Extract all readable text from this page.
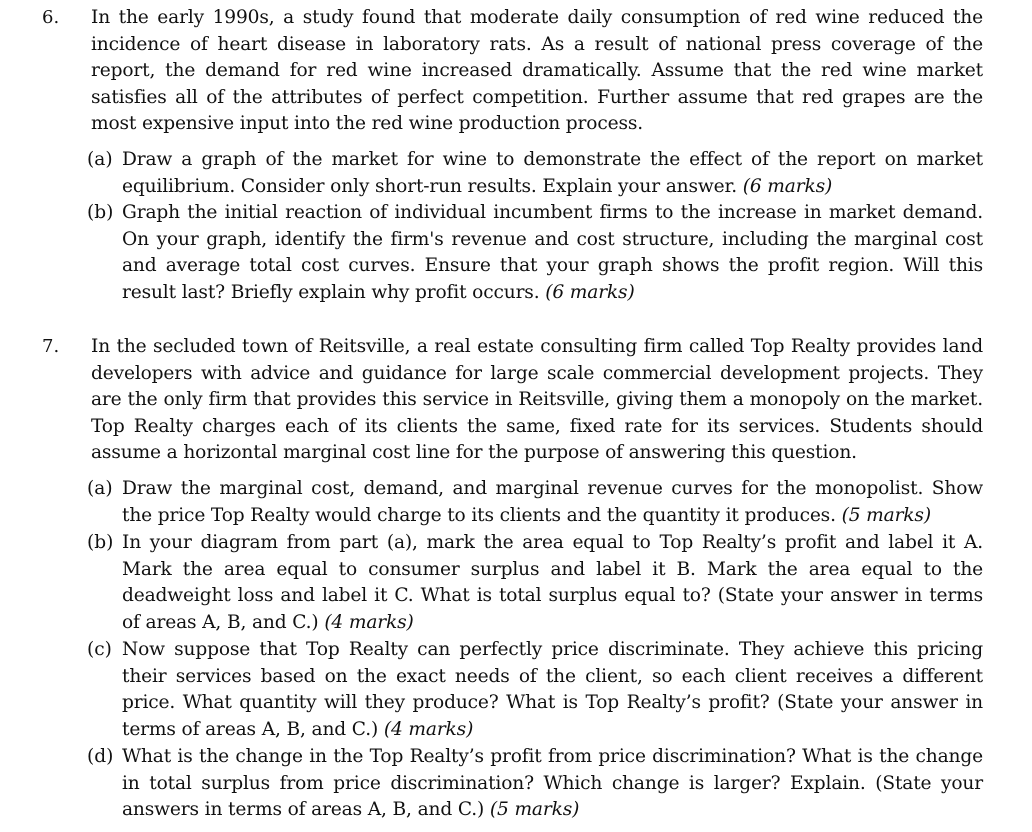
6. In the early 1990s, a study found that moderate daily consumption of red wine reduced the incidence of heart disease in laboratory rats. As a result of national press coverage of the report, the demand for red wine increased dramatically. Assume that the red wine market satisfies all of the attributes of perfect competition. Further assume that red grapes are the most expensive input into the red wine production process.
(a) Draw a graph of the market for wine to demonstrate the effect of the report on market equilibrium. Consider only short-run results. Explain your answer. (6 marks)
(b) Graph the initial reaction of individual incumbent firms to the increase in market demand. On your graph, identify the firm's revenue and cost structure, including the marginal cost and average total cost curves. Ensure that your graph shows the profit region. Will this result last? Briefly explain why profit occurs. (6 marks)
7. In the secluded town of Reitsville, a real estate consulting firm called Top Realty provides land developers with advice and guidance for large scale commercial development projects. They are the only firm that provides this service in Reitsville, giving them a monopoly on the market. Top Realty charges each of its clients the same, fixed rate for its services. Students should assume a horizontal marginal cost line for the purpose of answering this question.
(a) Draw the marginal cost, demand, and marginal revenue curves for the monopolist. Show the price Top Realty would charge to its clients and the quantity it produces. (5 marks)
(b) In your diagram from part (a), mark the area equal to Top Realty’s profit and label it A. Mark the area equal to consumer surplus and label it B. Mark the area equal to the deadweight loss and label it C. What is total surplus equal to? (State your answer in terms of areas A, B, and C.) (4 marks)
(c) Now suppose that Top Realty can perfectly price discriminate. They achieve this pricing their services based on the exact needs of the client, so each client receives a different price. What quantity will they produce? What is Top Realty’s profit? (State your answer in terms of areas A, B, and C.) (4 marks)
(d) What is the change in the Top Realty’s profit from price discrimination? What is the change in total surplus from price discrimination? Which change is larger? Explain. (State your answers in terms of areas A, B, and C.) (5 marks)
